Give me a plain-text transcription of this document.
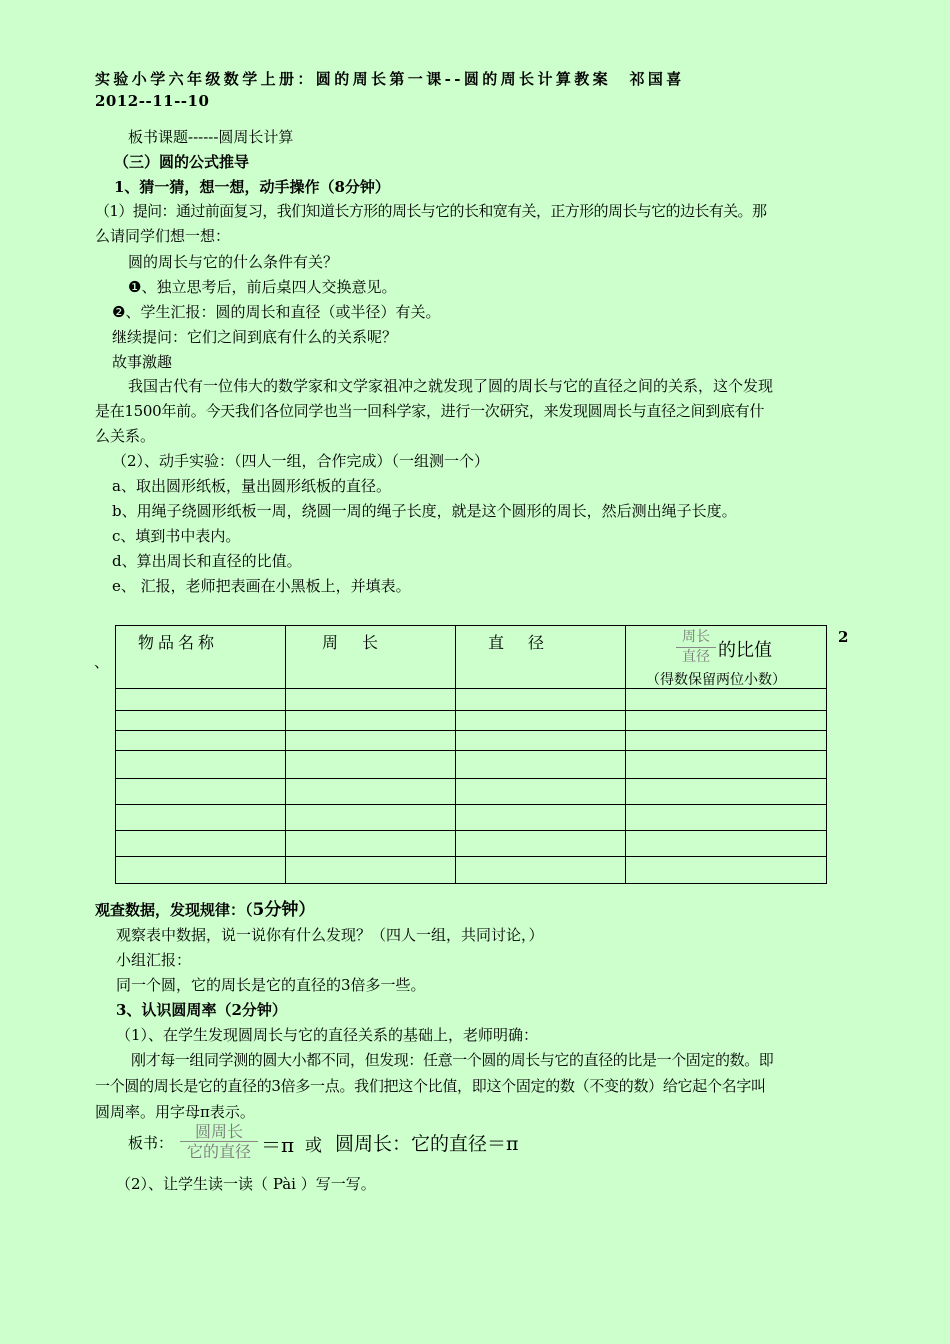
实验小学六年级数学上册：圆的周长第一课--圆的周长计算教案　祁国喜
2012--11--10
板书课题------圆周长计算
（三）圆的公式推导
1、猜一猜，想一想，动手操作（8分钟）
（1）提问：通过前面复习，我们知道长方形的周长与它的长和宽有关，正方形的周长与它的边长有关。那
么请同学们想一想：
圆的周长与它的什么条件有关？
❶、独立思考后，前后桌四人交换意见。
❷、学生汇报：圆的周长和直径（或半径）有关。
继续提问：它们之间到底有什么的关系呢？
故事激趣
我国古代有一位伟大的数学家和文学家祖冲之就发现了圆的周长与它的直径之间的关系，这个发现
是在1500年前。今天我们各位同学也当一回科学家，进行一次研究，来发现圆周长与直径之间到底有什
么关系。
（2）、动手实验：（四人一组，合作完成）（一组测一个）
a、取出圆形纸板，量出圆形纸板的直径。
b、用绳子绕圆形纸板一周，绕圆一周的绳子长度，就是这个圆形的周长，然后测出绳子长度。
c、填到书中表内。
d、算出周长和直径的比值。
e、 汇报，老师把表画在小黑板上，并填表。
2
、
物品名称	周　长	直　径	周长
直径 的比值
（得数保留两位小数）

观查数据，发现规律：（5分钟）
观察表中数据，说一说你有什么发现？（四人一组，共同讨论，）
小组汇报：
同一个圆，它的周长是它的直径的3倍多一些。
3、认识圆周率（2分钟）
（1）、在学生发现圆周长与它的直径关系的基础上，老师明确：
刚才每一组同学测的圆大小都不同，但发现：任意一个圆的周长与它的直径的比是一个固定的数。即
一个圆的周长是它的直径的3倍多一点。我们把这个比值，即这个固定的数（不变的数）给它起个名字叫
圆周率。用字母π表示。
板书：
圆周长
它的直径 ＝π 或 圆周长：它的直径＝π
（2）、让学生读一读（ Pài ）写一写。
